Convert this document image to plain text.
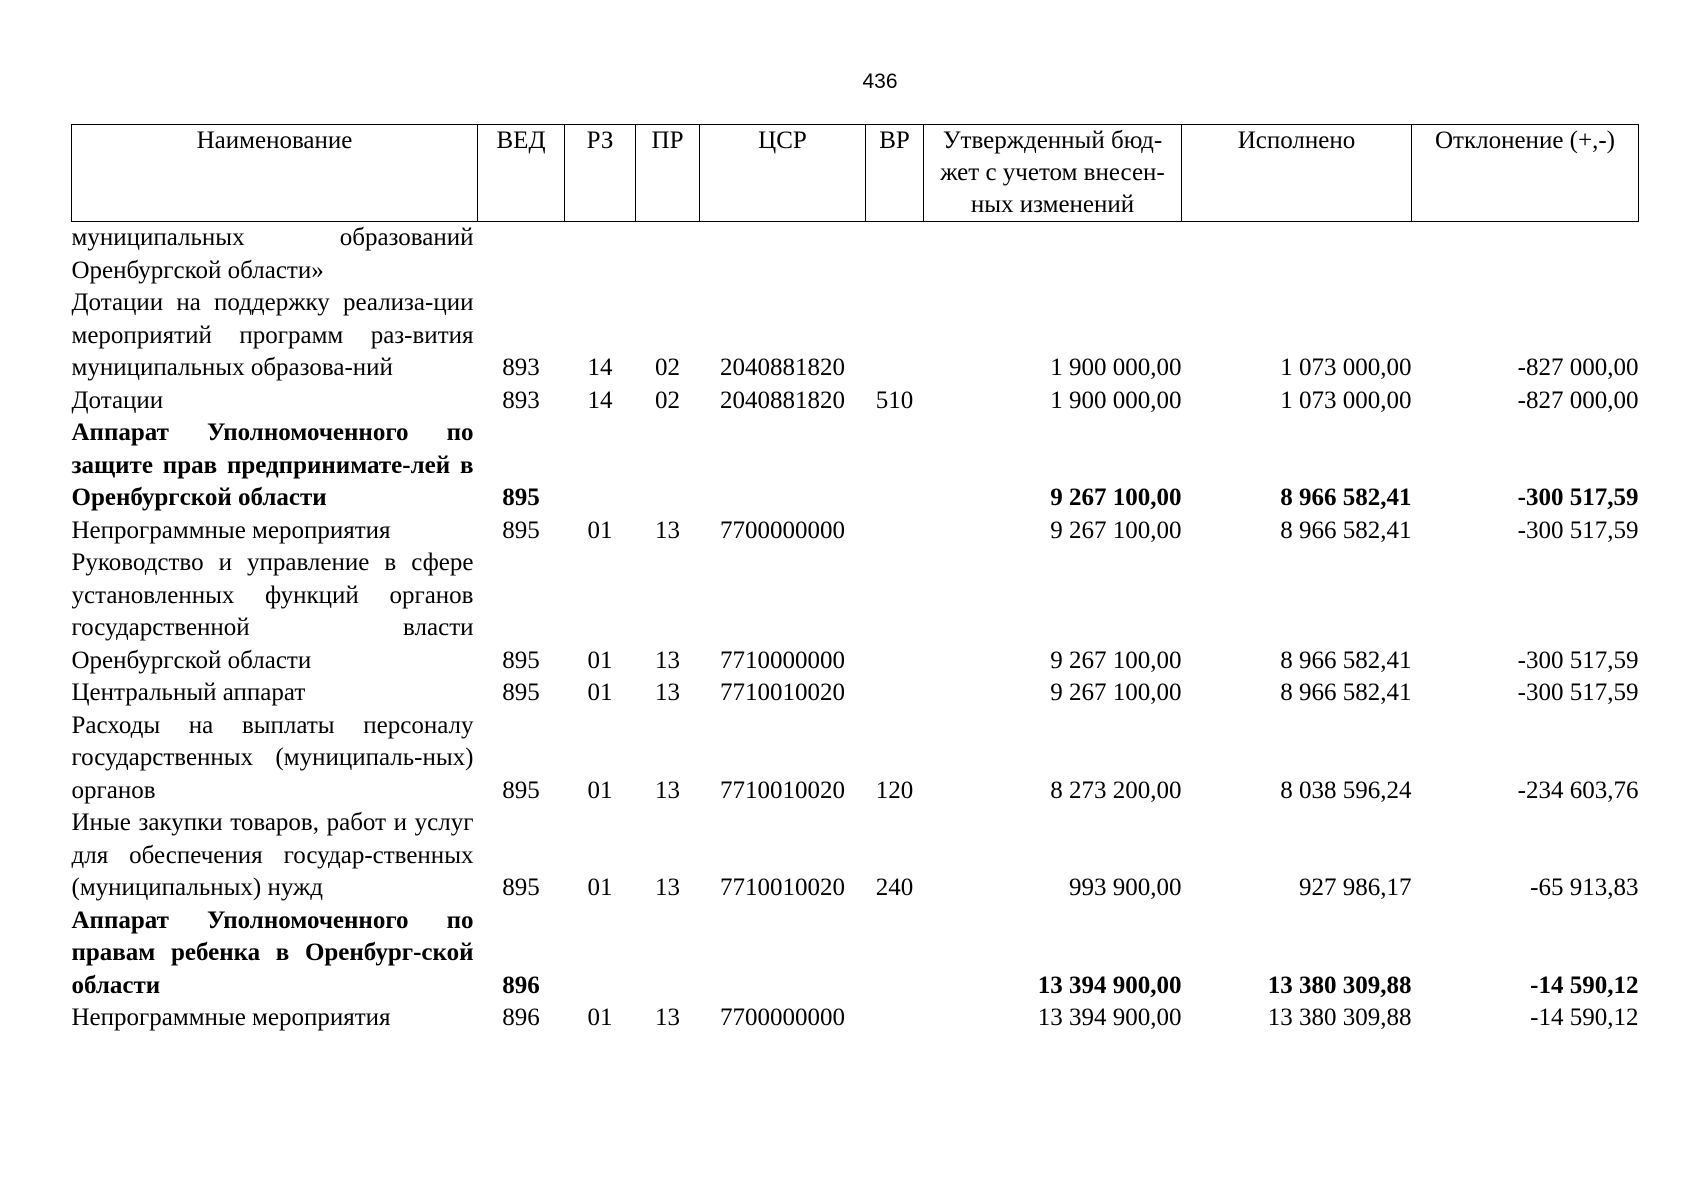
436
Наименование	ВЕД	РЗ	ПР	ЦСР	ВР	Утвержденный бюд-жет с учетом внесен-ных изменений	Исполнено	Отклонение (+,-)
муниципальных образований Оренбургской области»								
Дотации на поддержку реализа-ции мероприятий программ раз-вития муниципальных образова-ний	893	14	02	2040881820		1 900 000,00	1 073 000,00	-827 000,00
Дотации	893	14	02	2040881820	510	1 900 000,00	1 073 000,00	-827 000,00
Аппарат Уполномоченного по защите прав предпринимате-лей в Оренбургской области	895					9 267 100,00	8 966 582,41	-300 517,59
Непрограммные мероприятия	895	01	13	7700000000		9 267 100,00	8 966 582,41	-300 517,59
Руководство и управление в сфере установленных функций органов государственной власти Оренбургской области	895	01	13	7710000000		9 267 100,00	8 966 582,41	-300 517,59
Центральный аппарат	895	01	13	7710010020		9 267 100,00	8 966 582,41	-300 517,59
Расходы на выплаты персоналу государственных (муниципаль-ных) органов	895	01	13	7710010020	120	8 273 200,00	8 038 596,24	-234 603,76
Иные закупки товаров, работ и услуг для обеспечения государ-ственных (муниципальных) нужд	895	01	13	7710010020	240	993 900,00	927 986,17	-65 913,83
Аппарат Уполномоченного по правам ребенка в Оренбург-ской области	896					13 394 900,00	13 380 309,88	-14 590,12
Непрограммные мероприятия	896	01	13	7700000000		13 394 900,00	13 380 309,88	-14 590,12
